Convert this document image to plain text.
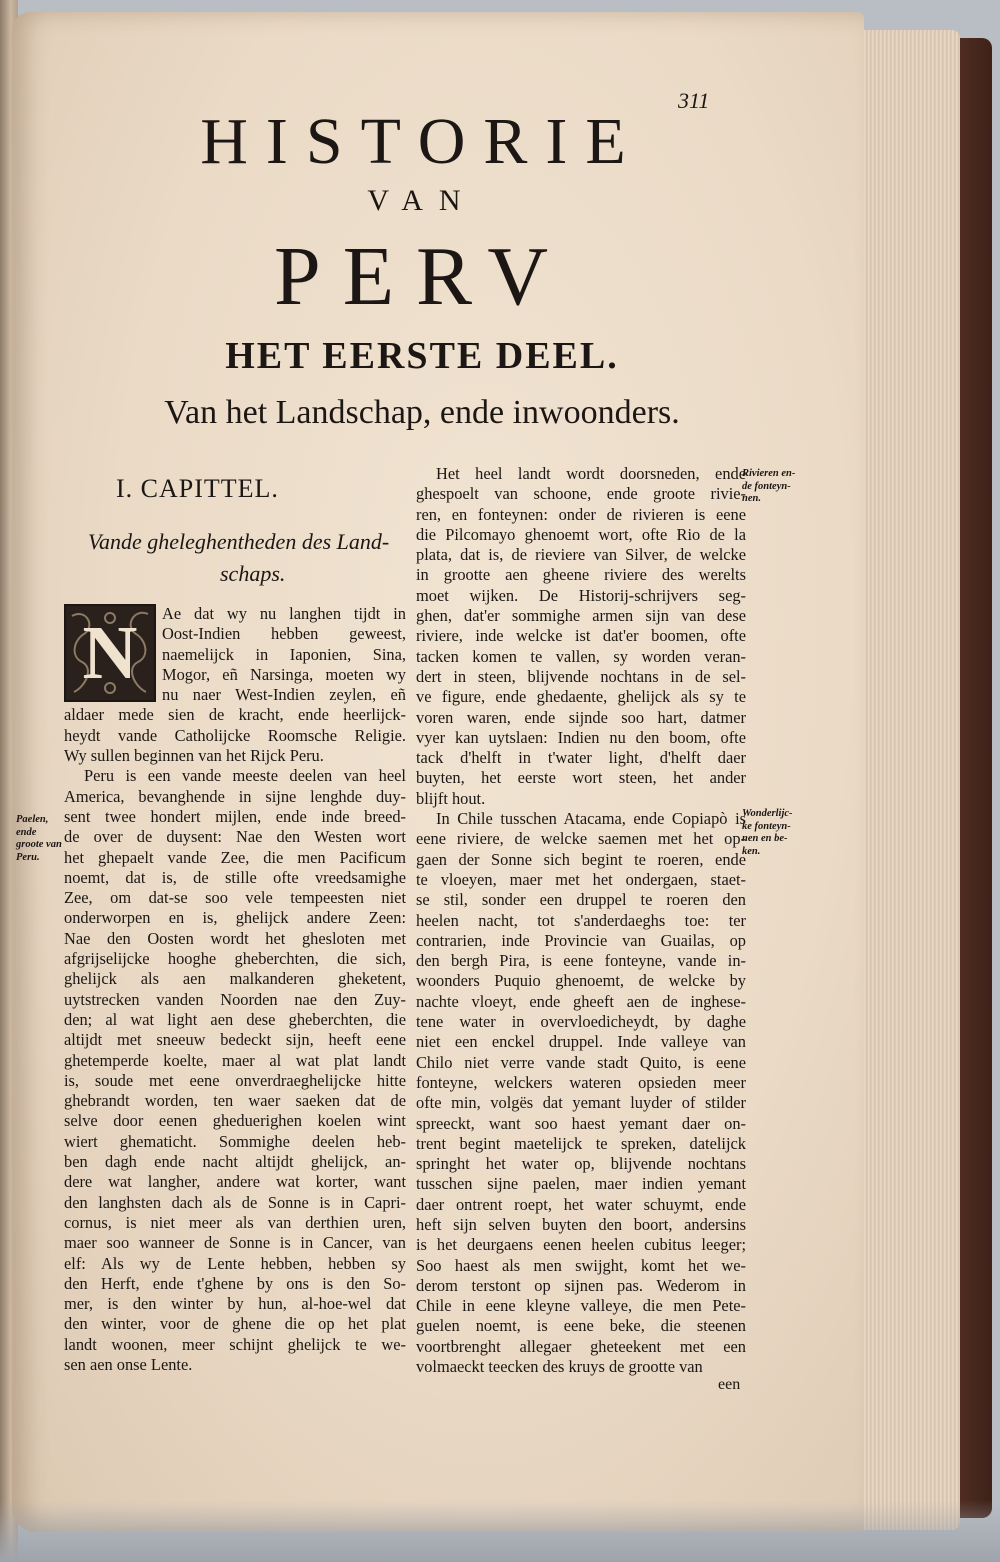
311
HISTORIE
VAN
PERV
HET EERSTE DEEL.
Van het Landschap, ende inwoonders.
I. CAPITTEL.
Vande gheleghentheden des Land-
schaps.
N	Ae dat wy nu langhen tijdt in
Oost-Indien hebben geweest,
naemelijck in Iaponien, Sina,
Mogor, eñ Narsinga, moeten wy
nu naer West-Indien zeylen, eñ
aldaer mede sien de kracht, ende heerlijck-
heydt vande Catholijcke Roomsche Religie.
Wy sullen beginnen van het Rijck Peru.
Peru is een vande meeste deelen van heel
America, bevanghende in sijne lenghde duy-
sent twee hondert mijlen, ende inde breed-
de over de duysent: Nae den Westen wort
het ghepaelt vande Zee, die men Pacificum
noemt, dat is, de stille ofte vreedsamighe
Zee, om dat-se soo vele tempeesten niet
onderworpen en is, ghelijck andere Zeen:
Nae den Oosten wordt het ghesloten met
afgrijselijcke hooghe gheberchten, die sich,
ghelijck als aen malkanderen gheketent,
uytstrecken vanden Noorden nae den Zuy-
den; al wat light aen dese gheberchten, die
altijdt met sneeuw bedeckt sijn, heeft eene
ghetemperde koelte, maer al wat plat landt
is, soude met eene onverdraeghelijcke hitte
ghebrandt worden, ten waer saeken dat de
selve door eenen gheduerighen koelen wint
wiert ghematicht. Sommighe deelen heb-
ben dagh ende nacht altijdt ghelijck, an-
dere wat langher, andere wat korter, want
den langhsten dach als de Sonne is in Capri-
cornus, is niet meer als van derthien uren,
maer soo wanneer de Sonne is in Cancer, van
elf: Als wy de Lente hebben, hebben sy
den Herft, ende t'ghene by ons is den So-
mer, is den winter by hun, al-hoe-wel dat
den winter, voor de ghene die op het plat
landt woonen, meer schijnt ghelijck te we-
sen aen onse Lente.
Het heel landt wordt doorsneden, ende
ghespoelt van schoone, ende groote rivie-
ren, en fonteynen: onder de rivieren is eene
die Pilcomayo ghenoemt wort, ofte Rio de la
plata, dat is, de rieviere van Silver, de welcke
in grootte aen gheene riviere des werelts
moet wijken. De Historij-schrijvers seg-
ghen, dat'er sommighe armen sijn van dese
riviere, inde welcke ist dat'er boomen, ofte
tacken komen te vallen, sy worden veran-
dert in steen, blijvende nochtans in de sel-
ve figure, ende ghedaente, ghelijck als sy te
voren waren, ende sijnde soo hart, datmer
vyer kan uytslaen: Indien nu den boom, ofte
tack d'helft in t'water light, d'helft daer
buyten, het eerste wort steen, het ander
blijft hout.
In Chile tusschen Atacama, ende Copiapò is
eene riviere, de welcke saemen met het op-
gaen der Sonne sich begint te roeren, ende
te vloeyen, maer met het ondergaen, staet-
se stil, sonder een druppel te roeren den
heelen nacht, tot s'anderdaeghs toe: ter
contrarien, inde Provincie van Guailas, op
den bergh Pira, is eene fonteyne, vande in-
woonders Puquio ghenoemt, de welcke by
nachte vloeyt, ende gheeft aen de inghese-
tene water in overvloedicheydt, by daghe
niet een enckel druppel. Inde valleye van
Chilo niet verre vande stadt Quito, is eene
fonteyne, welckers wateren opsieden meer
ofte min, volgës dat yemant luyder of stilder
spreeckt, want soo haest yemant daer on-
trent begint maetelijck te spreken, datelijck
springht het water op, blijvende nochtans
tusschen sijne paelen, maer indien yemant
daer ontrent roept, het water schuymt, ende
heft sijn selven buyten den boort, andersins
is het deurgaens eenen heelen cubitus leeger;
Soo haest als men swijght, komt het we-
derom terstont op sijnen pas. Wederom in
Chile in eene kleyne valleye, die men Pete-
guelen noemt, is eene beke, die steenen
voortbrenght allegaer gheteekent met een
volmaeckt teecken des kruys de grootte van
Paelen, ende
groote van
Peru.
Rivieren en-
de fonteyn-
nen.
Wonderlijc-
ke fonteyn-
nen en be-
ken.
een
